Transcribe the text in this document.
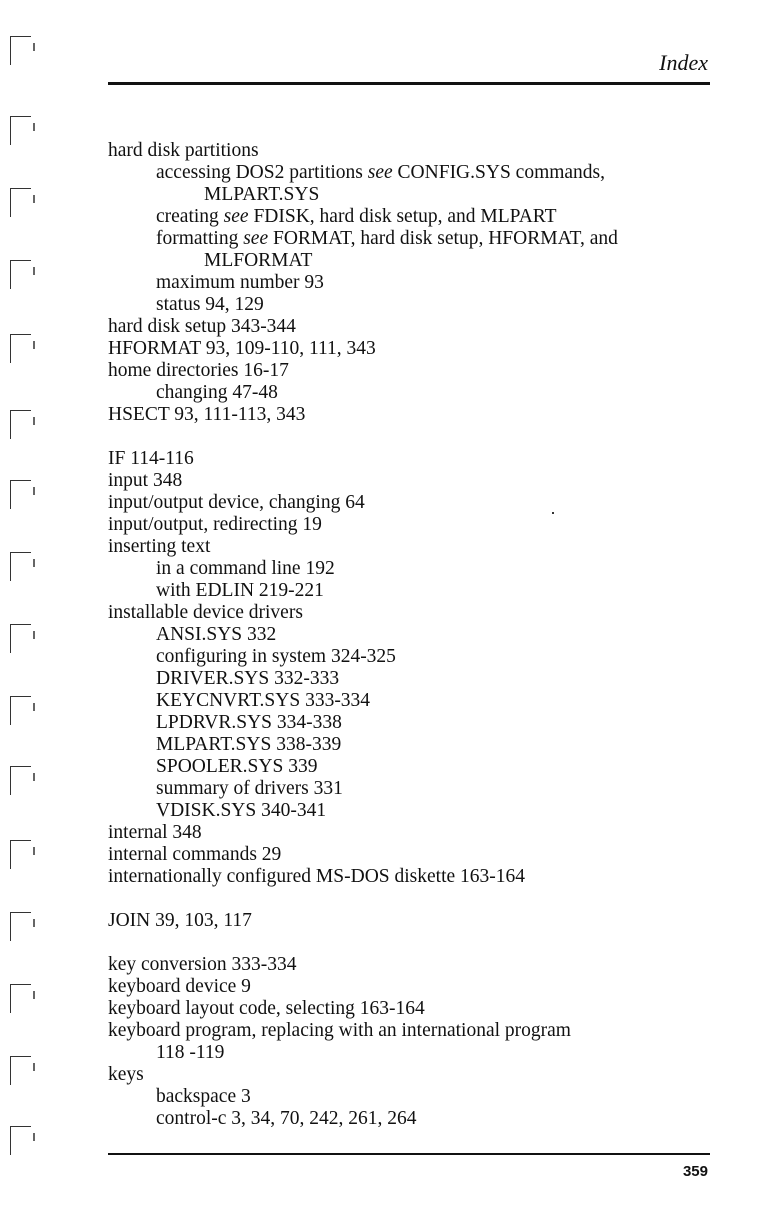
Index
hard disk partitions
accessing DOS2 partitions see CONFIG.SYS commands,
MLPART.SYS
creating see FDISK, hard disk setup, and MLPART
formatting see FORMAT, hard disk setup, HFORMAT, and
MLFORMAT
maximum number 93
status 94, 129
hard disk setup 343-344
HFORMAT 93, 109-110, 111, 343
home directories 16-17
changing 47-48
HSECT 93, 111-113, 343
IF 114-116
input 348
input/output device, changing 64
input/output, redirecting 19
inserting text
in a command line 192
with EDLIN 219-221
installable device drivers
ANSI.SYS 332
configuring in system 324-325
DRIVER.SYS 332-333
KEYCNVRT.SYS 333-334
LPDRVR.SYS 334-338
MLPART.SYS 338-339
SPOOLER.SYS 339
summary of drivers 331
VDISK.SYS 340-341
internal 348
internal commands 29
internationally configured MS-DOS diskette 163-164
JOIN 39, 103, 117
key conversion 333-334
keyboard device 9
keyboard layout code, selecting 163-164
keyboard program, replacing with an international program
118 -119
keys
backspace 3
control-c 3, 34, 70, 242, 261, 264
359
